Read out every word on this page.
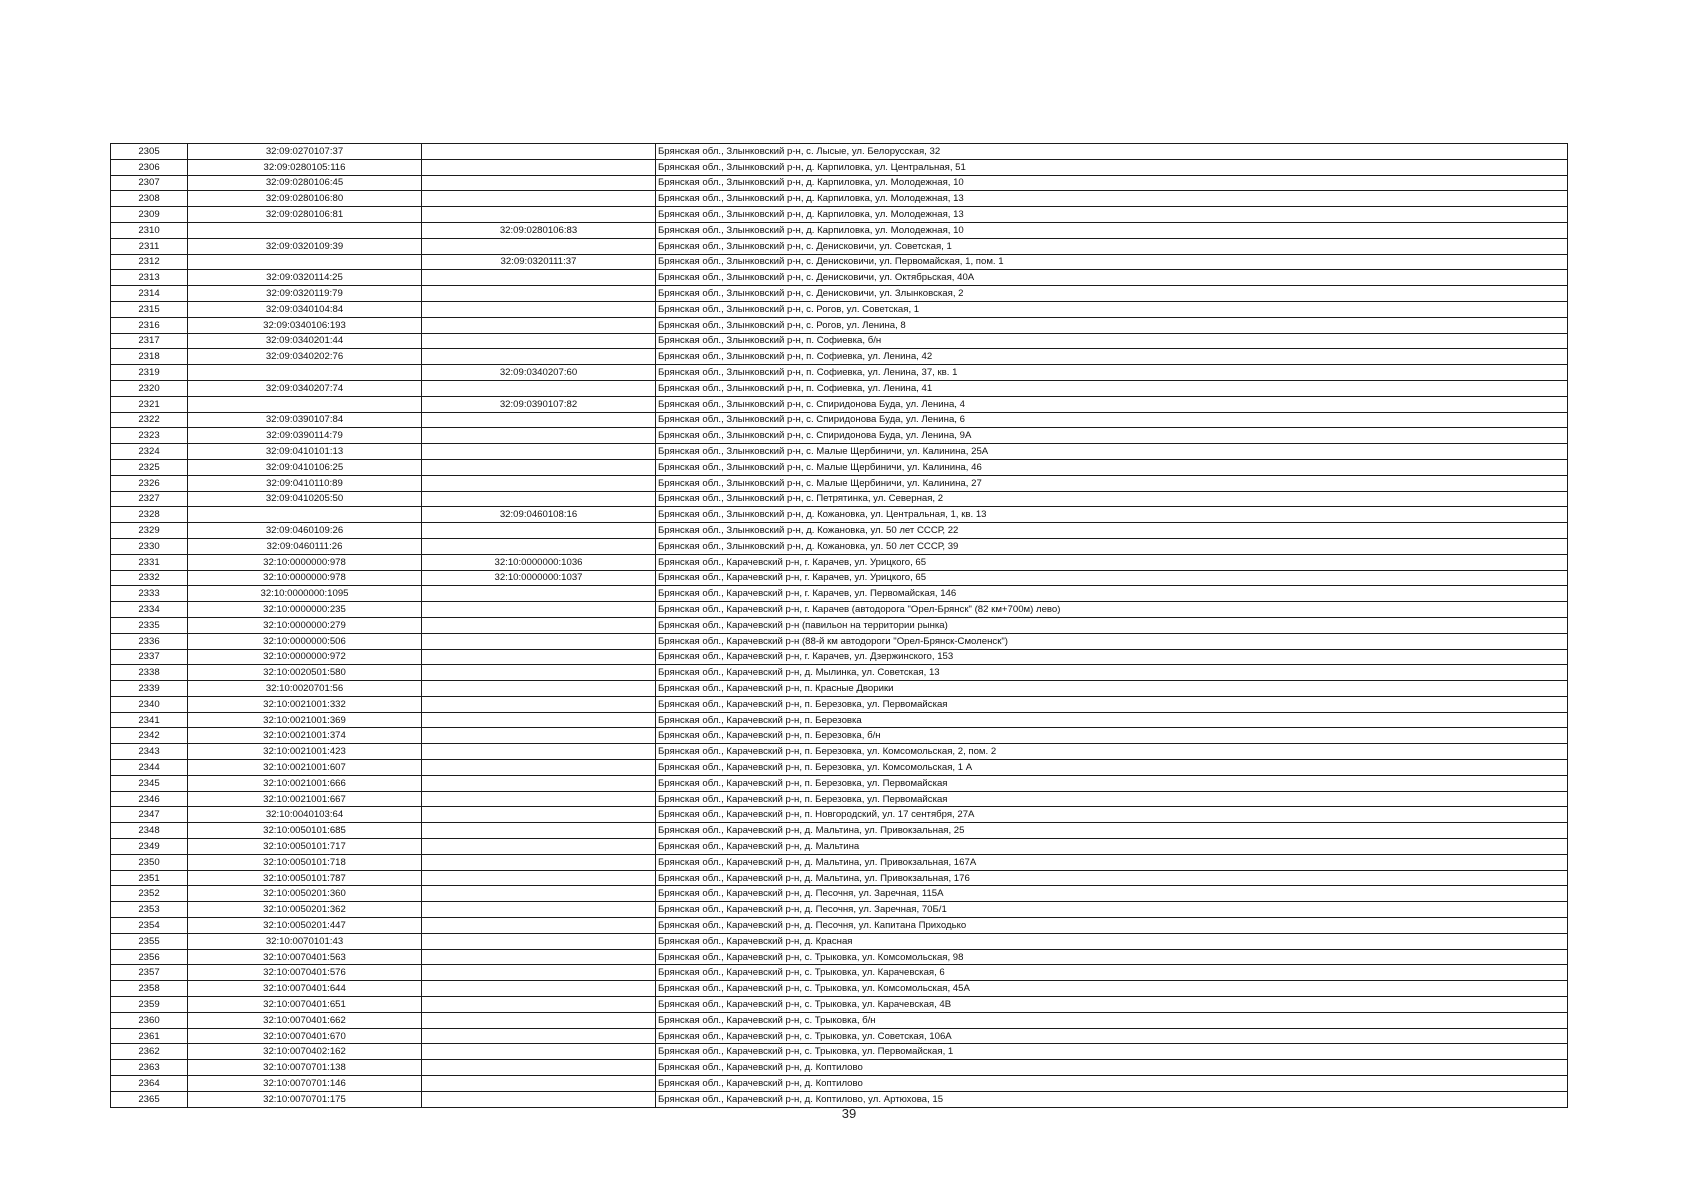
2305	32:09:0270107:37		Брянская обл., Злынковский р-н, с. Лысые, ул. Белорусская, 32
2306	32:09:0280105:116		Брянская обл., Злынковский р-н, д. Карпиловка, ул. Центральная, 51
2307	32:09:0280106:45		Брянская обл., Злынковский р-н, д. Карпиловка, ул. Молодежная, 10
2308	32:09:0280106:80		Брянская обл., Злынковский р-н, д. Карпиловка, ул. Молодежная, 13
2309	32:09:0280106:81		Брянская обл., Злынковский р-н, д. Карпиловка, ул. Молодежная, 13
2310		32:09:0280106:83	Брянская обл., Злынковский р-н, д. Карпиловка, ул. Молодежная, 10
2311	32:09:0320109:39		Брянская обл., Злынковский р-н, с. Денисковичи, ул. Советская, 1
2312		32:09:0320111:37	Брянская обл., Злынковский р-н, с. Денисковичи, ул. Первомайская, 1, пом. 1
2313	32:09:0320114:25		Брянская обл., Злынковский р-н, с. Денисковичи, ул. Октябрьская, 40А
2314	32:09:0320119:79		Брянская обл., Злынковский р-н, с. Денисковичи, ул. Злынковская, 2
2315	32:09:0340104:84		Брянская обл., Злынковский р-н, с. Рогов, ул. Советская, 1
2316	32:09:0340106:193		Брянская обл., Злынковский р-н, с. Рогов, ул. Ленина, 8
2317	32:09:0340201:44		Брянская обл., Злынковский р-н, п. Софиевка, б/н
2318	32:09:0340202:76		Брянская обл., Злынковский р-н, п. Софиевка, ул. Ленина, 42
2319		32:09:0340207:60	Брянская обл., Злынковский р-н, п. Софиевка, ул. Ленина, 37, кв. 1
2320	32:09:0340207:74		Брянская обл., Злынковский р-н, п. Софиевка, ул. Ленина, 41
2321		32:09:0390107:82	Брянская обл., Злынковский р-н, с. Спиридонова Буда, ул. Ленина, 4
2322	32:09:0390107:84		Брянская обл., Злынковский р-н, с. Спиридонова Буда, ул. Ленина, 6
2323	32:09:0390114:79		Брянская обл., Злынковский р-н, с. Спиридонова Буда, ул. Ленина, 9А
2324	32:09:0410101:13		Брянская обл., Злынковский р-н, с. Малые Щербиничи, ул. Калинина, 25А
2325	32:09:0410106:25		Брянская обл., Злынковский р-н, с. Малые Щербиничи, ул. Калинина, 46
2326	32:09:0410110:89		Брянская обл., Злынковский р-н, с. Малые Щербиничи, ул. Калинина, 27
2327	32:09:0410205:50		Брянская обл., Злынковский р-н, с. Петрятинка, ул. Северная, 2
2328		32:09:0460108:16	Брянская обл., Злынковский р-н, д. Кожановка, ул. Центральная, 1, кв. 13
2329	32:09:0460109:26		Брянская обл., Злынковский р-н, д. Кожановка, ул. 50 лет СССР, 22
2330	32:09:0460111:26		Брянская обл., Злынковский р-н, д. Кожановка, ул. 50 лет СССР, 39
2331	32:10:0000000:978	32:10:0000000:1036	Брянская обл., Карачевский р-н, г. Карачев, ул. Урицкого, 65
2332	32:10:0000000:978	32:10:0000000:1037	Брянская обл., Карачевский р-н, г. Карачев, ул. Урицкого, 65
2333	32:10:0000000:1095		Брянская обл., Карачевский р-н, г. Карачев, ул. Первомайская, 146
2334	32:10:0000000:235		Брянская обл., Карачевский р-н, г. Карачев (автодорога "Орел-Брянск" (82 км+700м) лево)
2335	32:10:0000000:279		Брянская обл., Карачевский р-н (павильон на территории рынка)
2336	32:10:0000000:506		Брянская обл., Карачевский р-н (88-й км автодороги "Орел-Брянск-Смоленск")
2337	32:10:0000000:972		Брянская обл., Карачевский р-н, г. Карачев, ул. Дзержинского, 153
2338	32:10:0020501:580		Брянская обл., Карачевский р-н, д. Мылинка, ул. Советская, 13
2339	32:10:0020701:56		Брянская обл., Карачевский р-н, п. Красные Дворики
2340	32:10:0021001:332		Брянская обл., Карачевский р-н, п. Березовка, ул. Первомайская
2341	32:10:0021001:369		Брянская обл., Карачевский р-н, п. Березовка
2342	32:10:0021001:374		Брянская обл., Карачевский р-н, п. Березовка, б/н
2343	32:10:0021001:423		Брянская обл., Карачевский р-н, п. Березовка, ул. Комсомольская, 2, пом. 2
2344	32:10:0021001:607		Брянская обл., Карачевский р-н, п. Березовка, ул. Комсомольская, 1 А
2345	32:10:0021001:666		Брянская обл., Карачевский р-н, п. Березовка, ул. Первомайская
2346	32:10:0021001:667		Брянская обл., Карачевский р-н, п. Березовка, ул. Первомайская
2347	32:10:0040103:64		Брянская обл., Карачевский р-н, п. Новгородский, ул. 17 сентября, 27А
2348	32:10:0050101:685		Брянская обл., Карачевский р-н, д. Мальтина, ул. Привокзальная, 25
2349	32:10:0050101:717		Брянская обл., Карачевский р-н, д. Мальтина
2350	32:10:0050101:718		Брянская обл., Карачевский р-н, д. Мальтина, ул. Привокзальная, 167А
2351	32:10:0050101:787		Брянская обл., Карачевский р-н, д. Мальтина, ул. Привокзальная, 176
2352	32:10:0050201:360		Брянская обл., Карачевский р-н, д. Песочня, ул. Заречная, 115А
2353	32:10:0050201:362		Брянская обл., Карачевский р-н, д. Песочня, ул. Заречная, 70Б/1
2354	32:10:0050201:447		Брянская обл., Карачевский р-н, д. Песочня, ул. Капитана Приходько
2355	32:10:0070101:43		Брянская обл., Карачевский р-н, д. Красная
2356	32:10:0070401:563		Брянская обл., Карачевский р-н, с. Трыковка, ул. Комсомольская, 98
2357	32:10:0070401:576		Брянская обл., Карачевский р-н, с. Трыковка, ул. Карачевская, 6
2358	32:10:0070401:644		Брянская обл., Карачевский р-н, с. Трыковка, ул. Комсомольская, 45А
2359	32:10:0070401:651		Брянская обл., Карачевский р-н, с. Трыковка, ул. Карачевская, 4В
2360	32:10:0070401:662		Брянская обл., Карачевский р-н, с. Трыковка, б/н
2361	32:10:0070401:670		Брянская обл., Карачевский р-н, с. Трыковка, ул. Советская, 106А
2362	32:10:0070402:162		Брянская обл., Карачевский р-н, с. Трыковка, ул. Первомайская, 1
2363	32:10:0070701:138		Брянская обл., Карачевский р-н, д. Коптилово
2364	32:10:0070701:146		Брянская обл., Карачевский р-н, д. Коптилово
2365	32:10:0070701:175		Брянская обл., Карачевский р-н, д. Коптилово, ул. Артюхова, 15
39
